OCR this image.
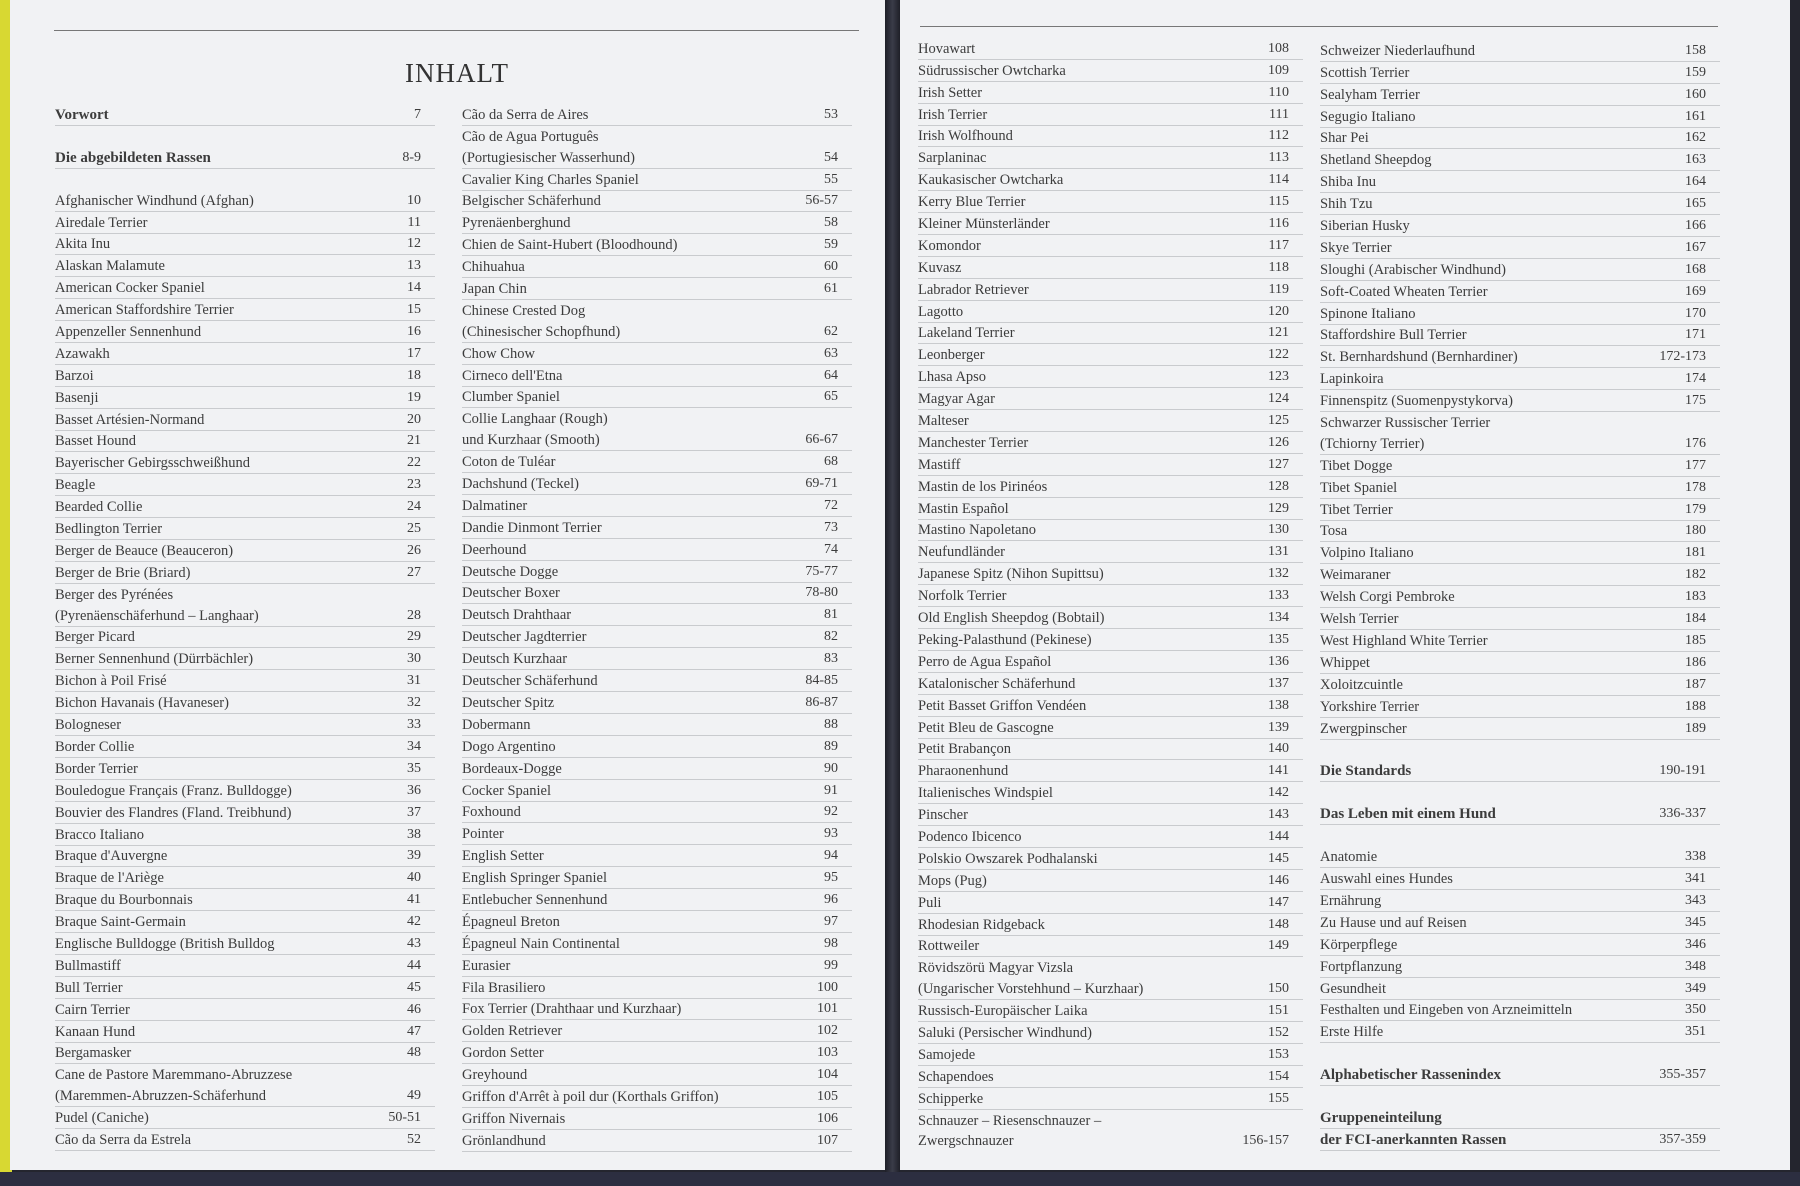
INHALT
Vorwort	7
Die abgebildeten Rassen	8-9
Afghanischer Windhund (Afghan)	10
Airedale Terrier	11
Akita Inu	12
Alaskan Malamute	13
American Cocker Spaniel	14
American Staffordshire Terrier	15
Appenzeller Sennenhund	16
Azawakh	17
Barzoi	18
Basenji	19
Basset Artésien-Normand	20
Basset Hound	21
Bayerischer Gebirgsschweißhund	22
Beagle	23
Bearded Collie	24
Bedlington Terrier	25
Berger de Beauce (Beauceron)	26
Berger de Brie (Briard)	27
Berger des Pyrénées
(Pyrenäenschäferhund – Langhaar)	28
Berger Picard	29
Berner Sennenhund (Dürrbächler)	30
Bichon à Poil Frisé	31
Bichon Havanais (Havaneser)	32
Bologneser	33
Border Collie	34
Border Terrier	35
Bouledogue Français (Franz. Bulldogge)	36
Bouvier des Flandres (Fland. Treibhund)	37
Bracco Italiano	38
Braque d'Auvergne	39
Braque de l'Ariège	40
Braque du Bourbonnais	41
Braque Saint-Germain	42
Englische Bulldogge (British Bulldog	43
Bullmastiff	44
Bull Terrier	45
Cairn Terrier	46
Kanaan Hund	47
Bergamasker	48
Cane de Pastore Maremmano-Abruzzese
(Maremmen-Abruzzen-Schäferhund	49
Pudel (Caniche)	50-51
Cão da Serra da Estrela	52
Cão da Serra de Aires	53
Cão de Agua Português
(Portugiesischer Wasserhund)	54
Cavalier King Charles Spaniel	55
Belgischer Schäferhund	56-57
Pyrenäenberghund	58
Chien de Saint-Hubert (Bloodhound)	59
Chihuahua	60
Japan Chin	61
Chinese Crested Dog
(Chinesischer Schopfhund)	62
Chow Chow	63
Cirneco dell'Etna	64
Clumber Spaniel	65
Collie Langhaar (Rough)
und Kurzhaar (Smooth)	66-67
Coton de Tuléar	68
Dachshund (Teckel)	69-71
Dalmatiner	72
Dandie Dinmont Terrier	73
Deerhound	74
Deutsche Dogge	75-77
Deutscher Boxer	78-80
Deutsch Drahthaar	81
Deutscher Jagdterrier	82
Deutsch Kurzhaar	83
Deutscher Schäferhund	84-85
Deutscher Spitz	86-87
Dobermann	88
Dogo Argentino	89
Bordeaux-Dogge	90
Cocker Spaniel	91
Foxhound	92
Pointer	93
English Setter	94
English Springer Spaniel	95
Entlebucher Sennenhund	96
Épagneul Breton	97
Épagneul Nain Continental	98
Eurasier	99
Fila Brasiliero	100
Fox Terrier (Drahthaar und Kurzhaar)	101
Golden Retriever	102
Gordon Setter	103
Greyhound	104
Griffon d'Arrêt à poil dur (Korthals Griffon)	105
Griffon Nivernais	106
Grönlandhund	107
Hovawart	108
Südrussischer Owtcharka	109
Irish Setter	110
Irish Terrier	111
Irish Wolfhound	112
Sarplaninac	113
Kaukasischer Owtcharka	114
Kerry Blue Terrier	115
Kleiner Münsterländer	116
Komondor	117
Kuvasz	118
Labrador Retriever	119
Lagotto	120
Lakeland Terrier	121
Leonberger	122
Lhasa Apso	123
Magyar Agar	124
Malteser	125
Manchester Terrier	126
Mastiff	127
Mastin de los Pirinéos	128
Mastin Español	129
Mastino Napoletano	130
Neufundländer	131
Japanese Spitz (Nihon Supittsu)	132
Norfolk Terrier	133
Old English Sheepdog (Bobtail)	134
Peking-Palasthund (Pekinese)	135
Perro de Agua Español	136
Katalonischer Schäferhund	137
Petit Basset Griffon Vendéen	138
Petit Bleu de Gascogne	139
Petit Brabançon	140
Pharaonenhund	141
Italienisches Windspiel	142
Pinscher	143
Podenco Ibicenco	144
Polskio Owszarek Podhalanski	145
Mops (Pug)	146
Puli	147
Rhodesian Ridgeback	148
Rottweiler	149
Rövidszörü Magyar Vizsla
(Ungarischer Vorstehhund – Kurzhaar)	150
Russisch-Europäischer Laika	151
Saluki (Persischer Windhund)	152
Samojede	153
Schapendoes	154
Schipperke	155
Schnauzer – Riesenschnauzer –
Zwergschnauzer	156-157
Schweizer Niederlaufhund	158
Scottish Terrier	159
Sealyham Terrier	160
Segugio Italiano	161
Shar Pei	162
Shetland Sheepdog	163
Shiba Inu	164
Shih Tzu	165
Siberian Husky	166
Skye Terrier	167
Sloughi (Arabischer Windhund)	168
Soft-Coated Wheaten Terrier	169
Spinone Italiano	170
Staffordshire Bull Terrier	171
St. Bernhardshund (Bernhardiner)	172-173
Lapinkoira	174
Finnenspitz (Suomenpystykorva)	175
Schwarzer Russischer Terrier
(Tchiorny Terrier)	176
Tibet Dogge	177
Tibet Spaniel	178
Tibet Terrier	179
Tosa	180
Volpino Italiano	181
Weimaraner	182
Welsh Corgi Pembroke	183
Welsh Terrier	184
West Highland White Terrier	185
Whippet	186
Xoloitzcuintle	187
Yorkshire Terrier	188
Zwergpinscher	189
Die Standards	190-191
Das Leben mit einem Hund	336-337
Anatomie	338
Auswahl eines Hundes	341
Ernährung	343
Zu Hause und auf Reisen	345
Körperpflege	346
Fortpflanzung	348
Gesundheit	349
Festhalten und Eingeben von Arzneimitteln	350
Erste Hilfe	351
Alphabetischer Rassenindex	355-357
Gruppeneinteilung
der FCI-anerkannten Rassen	357-359
